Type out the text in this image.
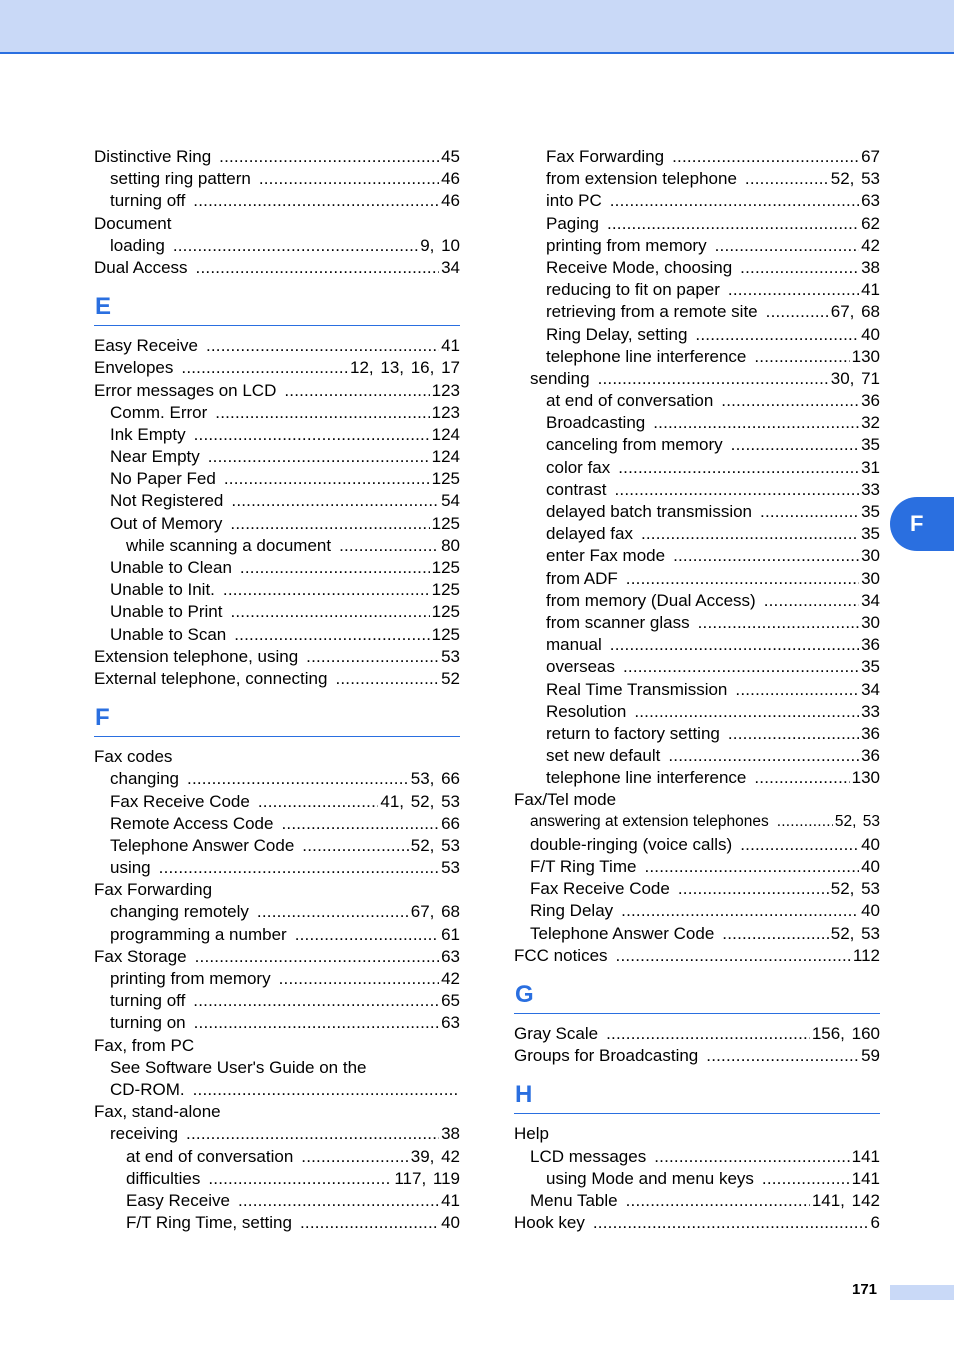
Distinctive Ring .....	45
setting ring pattern .....	46
turning off .....	46
Document
loading .....	9, 10
Dual Access .....	34
E
Easy Receive .....	41
Envelopes .....	12, 13, 16, 17
Error messages on LCD .....	123
Comm. Error .....	123
Ink Empty .....	124
Near Empty .....	124
No Paper Fed .....	125
Not Registered .....	54
Out of Memory .....	125
while scanning a document .....	80
Unable to Clean .....	125
Unable to Init. .....	125
Unable to Print .....	125
Unable to Scan .....	125
Extension telephone, using .....	53
External telephone, connecting .....	52
F
Fax codes
changing .....	53, 66
Fax Receive Code .....	41, 52, 53
Remote Access Code .....	66
Telephone Answer Code .....	52, 53
using .....	53
Fax Forwarding
changing remotely .....	67, 68
programming a number .....	61
Fax Storage .....	63
printing from memory .....	42
turning off .....	65
turning on .....	63
Fax, from PC
See Software User's Guide on the
CD-ROM.
.....
Fax, stand-alone
receiving .....	38
at end of conversation .....	39, 42
difficulties .....	117, 119
Easy Receive .....	41
F/T Ring Time, setting .....	40
Fax Forwarding .....	67
from extension telephone .....	52, 53
into PC .....	63
Paging .....	62
printing from memory .....	42
Receive Mode, choosing .....	38
reducing to fit on paper .....	41
retrieving from a remote site .....	67, 68
Ring Delay, setting .....	40
telephone line interference .....	130
sending .....	30, 71
at end of conversation .....	36
Broadcasting .....	32
canceling from memory .....	35
color fax .....	31
contrast .....	33
delayed batch transmission .....	35
delayed fax .....	35
enter Fax mode .....	30
from ADF .....	30
from memory (Dual Access) .....	34
from scanner glass .....	30
manual .....	36
overseas .....	35
Real Time Transmission .....	34
Resolution .....	33
return to factory setting .....	36
set new default .....	36
telephone line interference .....	130
Fax/Tel mode
answering at extension telephones .....	52, 53
double-ringing (voice calls) .....	40
F/T Ring Time .....	40
Fax Receive Code .....	52, 53
Ring Delay .....	40
Telephone Answer Code .....	52, 53
FCC notices .....	112
G
Gray Scale .....	156, 160
Groups for Broadcasting .....	59
H
Help
LCD messages .....	141
using Mode and menu keys .....	141
Menu Table .....	141, 142
Hook key .....	6
F
171
